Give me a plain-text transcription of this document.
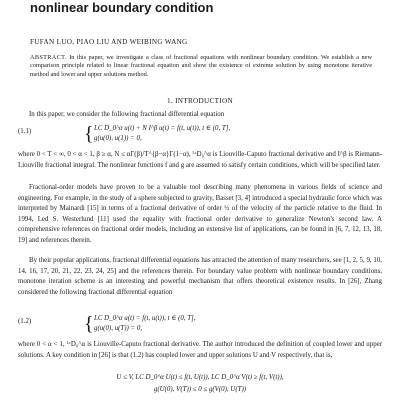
nonlinear boundary condition
FUFAN LUO, PIAO LIU AND WEIBING WANG
ABSTRACT. In this paper, we investigate a class of fractional equations with nonlinear boundary condition. We establish a new comparison principle related to linear fractional equation and show the existence of extreme solution by using monotone iterative method and lower and upper solutions method.
1. INTRODUCTION
In this paper, we consider the following fractional differential equation
(1.1)	{ LC D_0^α u(t) + N I^β u(t) = f(t, u(t)), t ∈ (0, T],
g(u(0), u(1)) = 0,
where 0 < T < ∞, 0 < α < 1, β ≥ α, N ≤ αΓ(β)/T^{β−α}Γ(1−α), ᴸᶜD₀^α is Liouville-Caputo fractional derivative and I^β is Riemann-Liouville fractional integral. The nonlinear functions f and g are assumed to satisfy certain conditions, which will be specified later.
Fractional-order models have proven to be a valuable tool describing many phenomena in various fields of science and engineering. For example, in the study of a sphere subjected to gravity, Basset [3, 4] introduced a special hydraulic force which was interpreted by Mainardi [15] in terms of a fractional derivative of order ½ of the velocity of the particle relative to the fluid. In 1994, Led S. Westerlund [11] used the equality with fractional order derivative to generalize Newton's second law. A comprehensive references on fractional order models, including an extensive list of applications, can be found in [6, 7, 12, 13, 18, 19] and references therein.
By their popular applications, fractional differential equations has attracted the attention of many researchers, see [1, 2, 5, 9, 10, 14, 16, 17, 20, 21, 22, 23, 24, 25] and the references therein. For boundary value problem with nonlinear boundary conditions, monotone iteration scheme is an interesting and powerful mechanism that offers theoretical existence results. In [26], Zhang considered the following fractional differential equation
(1.2)	{ LC D_0^α u(t) = f(t, u(t)), t ∈ (0, T],
g(u(0), u(T)) = 0,
where 0 < α < 1, ᴸᶜD₀^α is Liouville-Caputo fractional derivative. The author introduced the definition of coupled lower and upper solutions. A key condition in [26] is that (1.2) has coupled lower and upper solutions U and V respectively, that is,
U ≤ V, LC D_0^α U(t) ≤ f(t, U(t)), LC D_0^α V(t) ≥ f(t, V(t)),
g(U(0), V(T)) ≤ 0 ≤ g(V(0), U(T))
